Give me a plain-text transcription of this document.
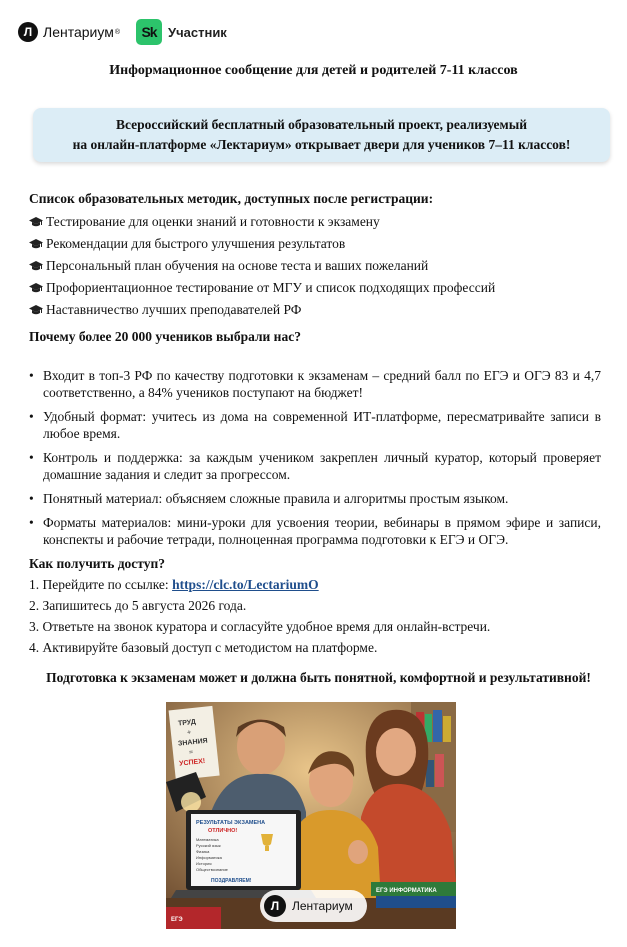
Л Лентариум ®	Sk Участник
Информационное сообщение для детей и родителей 7-11 классов
Всероссийский бесплатный образовательный проект, реализуемый
на онлайн-платформе «Лектариум» открывает двери для учеников 7–11 классов!
Список образовательных методик, доступных после регистрации:
Тестирование для оценки знаний и готовности к экзамену
Рекомендации для быстрого улучшения результатов
Персональный план обучения на основе теста и ваших пожеланий
Профориентационное тестирование от МГУ и список подходящих профессий
Наставничество лучших преподавателей РФ
Почему более 20 000 учеников выбрали нас?
• Входит в топ-3 РФ по качеству подготовки к экзаменам – средний балл по ЕГЭ и ОГЭ 83 и 4,7 соответственно, а 84% учеников поступают на бюджет!
• Удобный формат: учитесь из дома на современной ИТ-платформе, пересматривайте записи в любое время.
• Контроль и поддержка: за каждым учеником закреплен личный куратор, который проверяет домашние задания и следит за прогрессом.
• Понятный материал: объясняем сложные правила и алгоритмы простым языком.
• Форматы материалов: мини-уроки для усвоения теории, вебинары в прямом эфире и записи, конспекты и рабочие тетради, полноценная программа подготовки к ЕГЭ и ОГЭ.
Как получить доступ?
1. Перейдите по ссылке: https://clc.to/LectariumO
2. Запишитесь до 5 августа 2026 года.
3. Ответьте на звонок куратора и согласуйте удобное время для онлайн-встречи.
4. Активируйте базовый доступ с методистом на платформе.
Подготовка к экзаменам может и должна быть понятной, комфортной и результативной!
ТРУД
+
ЗНАНИЯ
=
УСПЕХ!
РЕЗУЛЬТАТЫ ЭКЗАМЕНА
ОТЛИЧНО!
Математика
Русский язык
Физика
Информатика
История
Обществознание
ПОЗДРАВЛЯЕМ!
ЕГЭ ИНФОРМАТИКА
ЕГЭ
Л	Лентариум
